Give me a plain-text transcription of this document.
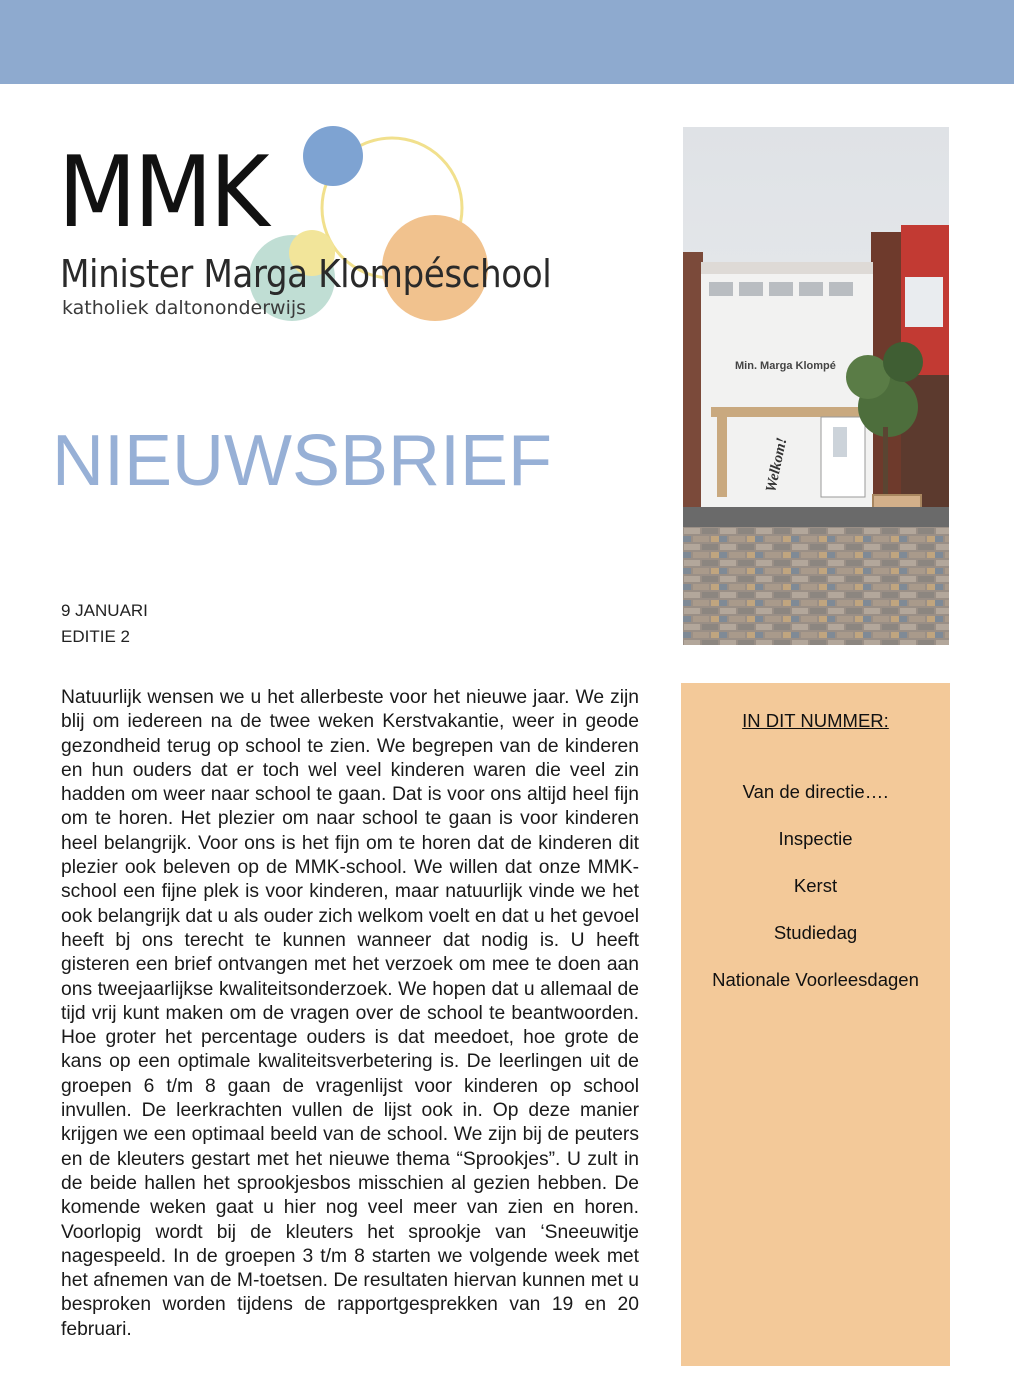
MMK
Minister Marga Klompéschool
katholiek daltononderwijs
NIEUWSBRIEF
9 JANUARI
EDITIE 2
Natuurlijk wensen we u het allerbeste voor het nieuwe jaar. We zijn blij om iedereen na de twee weken Kerstvakantie, weer in geode gezondheid terug op school te zien. We begrepen van de kinderen en hun ouders dat er toch wel veel kinderen waren die veel zin hadden om weer naar school te gaan. Dat is voor ons altijd heel fijn om te horen. Het plezier om naar school te gaan is voor kinderen heel belangrijk. Voor ons is het fijn om te horen dat de kinderen dit plezier ook beleven op de MMK-school. We willen dat onze MMK-school een fijne plek is voor kinderen, maar natuurlijk vinde we het ook belangrijk dat u als ouder zich welkom voelt en dat u het gevoel heeft bj ons terecht te kunnen wanneer dat nodig is. U heeft gisteren een brief ontvangen met het verzoek om mee te doen aan ons tweejaarlijkse kwaliteitsonderzoek. We hopen dat u allemaal de tijd vrij kunt maken om de vragen over de school te beantwoorden. Hoe groter het percentage ouders is dat meedoet, hoe grote de kans op een optimale kwaliteitsverbetering is. De leerlingen uit de groepen 6 t/m 8 gaan de vragenlijst voor kinderen op school invullen. De leerkrachten vullen de lijst ook in. Op deze manier krijgen we een optimaal beeld van de school. We zijn bij de peuters en de kleuters gestart met het nieuwe thema “Sprookjes”. U zult in de beide hallen het sprookjesbos misschien al gezien hebben. De komende weken gaat u hier nog veel meer van zien en horen. Voorlopig wordt bij de kleuters het sprookje van ‘Sneeuwitje nagespeeld. In de groepen 3 t/m 8 starten we volgende week met het afnemen van de M-toetsen. De resultaten hiervan kunnen met u besproken worden tijdens de rapportgesprekken van 19 en 20 februari.
Min. Marga Klompé
Welkom!
IN DIT NUMMER:
Van de directie….
Inspectie
Kerst
Studiedag
Nationale Voorleesdagen
